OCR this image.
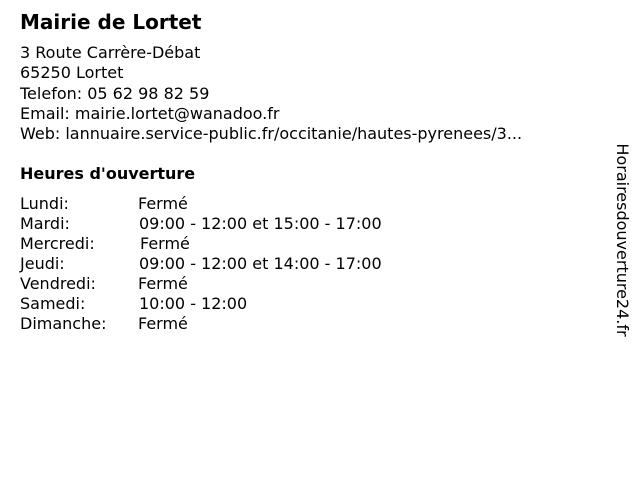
Mairie de Lortet
3 Route Carrère-Débat
65250 Lortet
Telefon: 05 62 98 82 59
Email: mairie.lortet@wanadoo.fr
Web: lannuaire.service-public.fr/occitanie/hautes-pyrenees/3...
Heures d'ouverture
Lundi:	Fermé
Mardi:	09:00 - 12:00 et 15:00 - 17:00
Mercredi:	Fermé
Jeudi:	09:00 - 12:00 et 14:00 - 17:00
Vendredi:	Fermé
Samedi:	10:00 - 12:00
Dimanche: Fermé	Horairesdouverture24.fr
